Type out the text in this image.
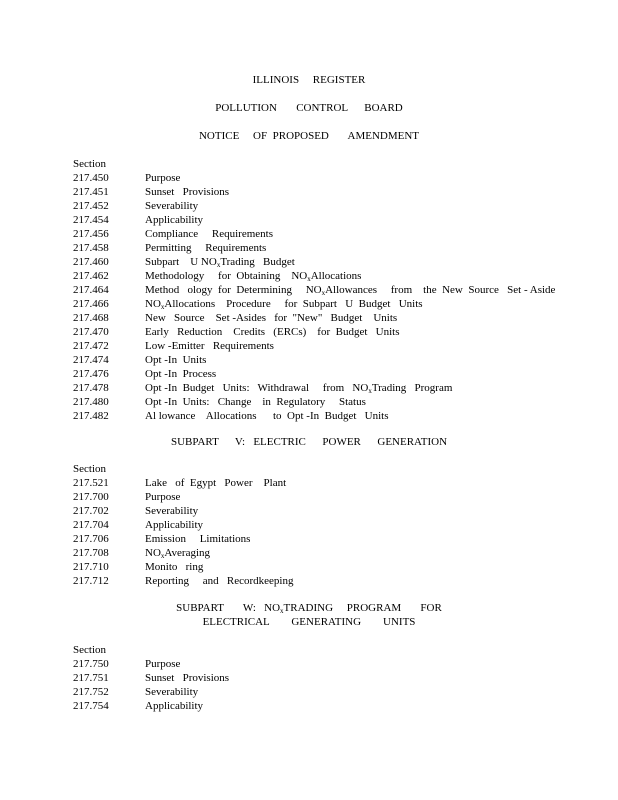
ILLINOIS     REGISTER
POLLUTION       CONTROL      BOARD
NOTICE     OF  PROPOSED       AMENDMENT
Section
217.450	Purpose
217.451	Sunset   Provisions
217.452	Severability
217.454	Applicability
217.456	Compliance     Requirements
217.458	Permitting     Requirements
217.460	Subpart    U $NO_xTrading$   Budget
217.462	Methodology     for  Obtaining    $NO_xAllocations$
217.464	Method   ology  for  Determining     $NO_xAllowances$     from    the  New  Source   Set - Aside
217.466	$NO_xAllocations$    Procedure     for  Subpart   U  Budget   Units
217.468	New   Source    Set -Asides   for  "New"   Budget    Units
217.470	Early   Reduction    Credits   (ERCs)    for  Budget   Units
217.472	Low -Emitter   Requirements
217.474	Opt -In  Units
217.476	Opt -In  Process
217.478	Opt -In  Budget   Units:   Withdrawal     from   $NO_xTrading$   Program
217.480	Opt -In  Units:   Change    in  Regulatory     Status
217.482	Al lowance    Allocations      to  Opt -In  Budget   Units
SUBPART      V:   ELECTRIC      POWER      GENERATION
Section
217.521	Lake   of  Egypt   Power    Plant
217.700	Purpose
217.702	Severability
217.704	Applicability
217.706	Emission     Limitations
217.708	$NO_xAveraging$
217.710	Monito   ring
217.712	Reporting     and   Recordkeeping
SUBPART       W:   $NO_xTRADING$     PROGRAM       FOR
ELECTRICAL        GENERATING        UNITS
Section
217.750	Purpose
217.751	Sunset   Provisions
217.752	Severability
217.754	Applicability
